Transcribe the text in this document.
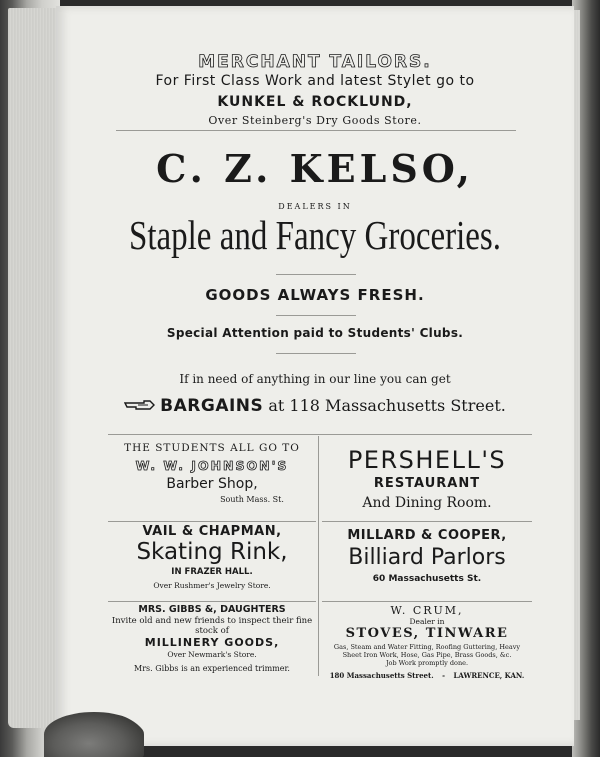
MERCHANT TAILORS.
For First Class Work and latest Stylet go to
KUNKEL & ROCKLUND,
Over Steinberg's Dry Goods Store.
C. Z. KELSO,
DEALERS IN
Staple and Fancy Groceries.
GOODS ALWAYS FRESH.
Special Attention paid to Students' Clubs.
If in need of anything in our line you can get
BARGAINS at 118 Massachusetts Street.
THE STUDENTS ALL GO TO
W. W. JOHNSON'S
Barber Shop,
South Mass. St.
PERSHELL'S
RESTAURANT
And Dining Room.
VAIL & CHAPMAN,
Skating Rink,
IN FRAZER HALL.
Over Rushmer's Jewelry Store.
MILLARD & COOPER,
Billiard Parlors
60 Massachusetts St.
MRS. GIBBS &, DAUGHTERS
Invite old and new friends to inspect their fine
stock of
MILLINERY GOODS,
Over Newmark's Store.
Mrs. Gibbs is an experienced trimmer.
W. CRUM,
Dealer in
STOVES, TINWARE
Gas, Steam and Water Fitting, Roofing Guttering, Heavy
Sheet Iron Work, Hose, Gas Pipe, Brass Goods, &c.
Job Work promptly done.
180 Massachusetts Street. - LAWRENCE, KAN.
